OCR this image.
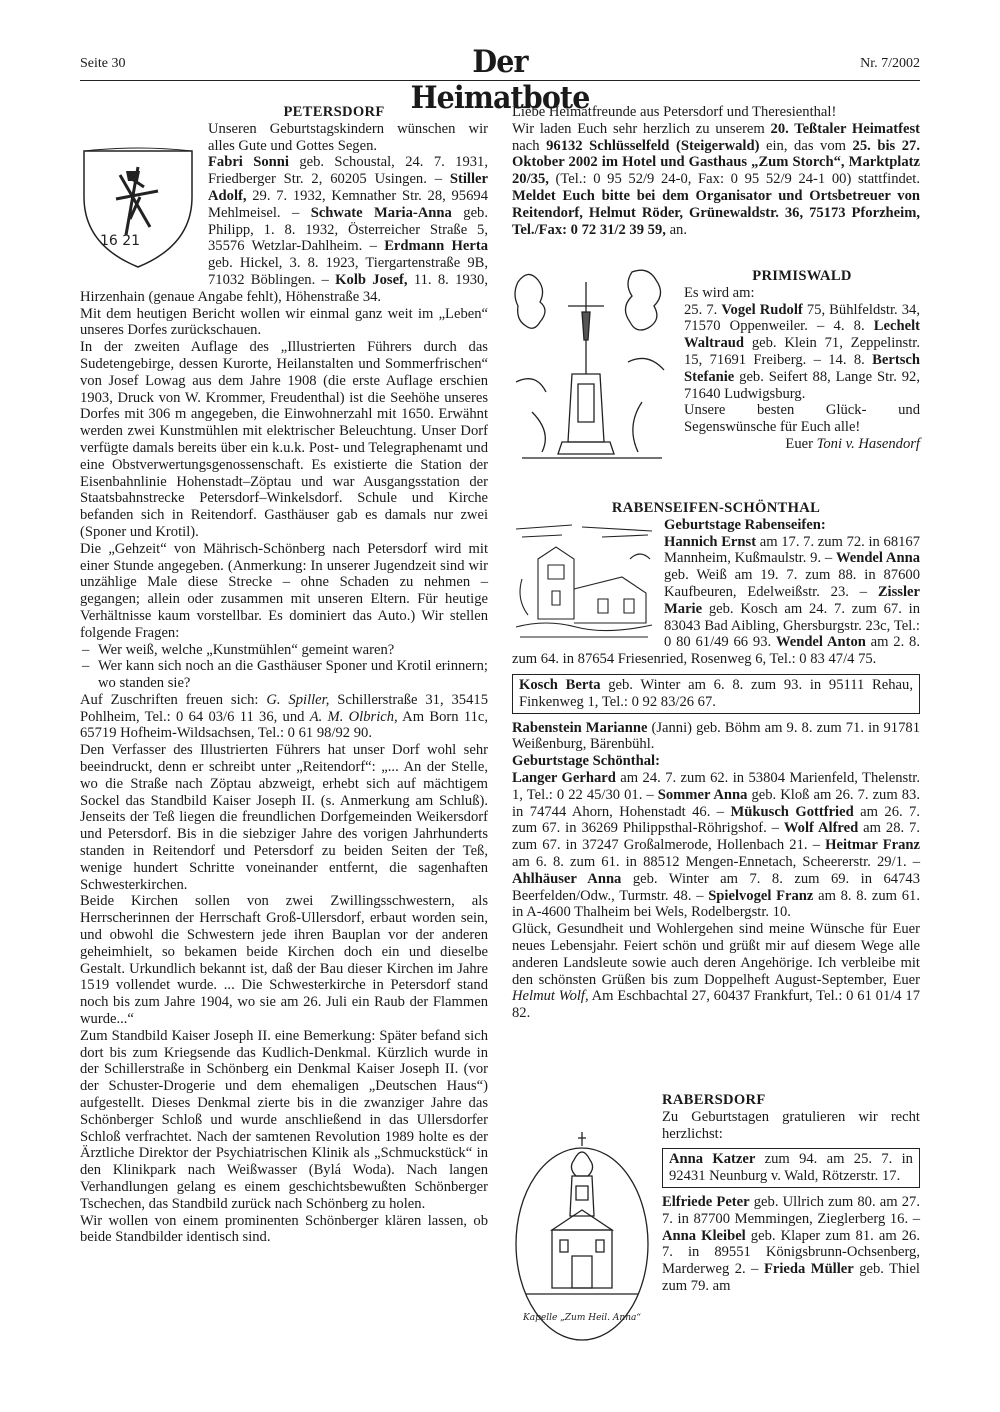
Seite 30	Der Heimatbote
Nr. 7/2002
PETERSDORF
16 21

Unseren Geburtstagskindern wünschen wir alles Gute und Gottes Segen.

Fabri Sonni geb. Schoustal, 24. 7. 1931, Friedberger Str. 2, 60205 Usingen. – Stiller Adolf, 29. 7. 1932, Kemnather Str. 28, 95694 Mehlmeisel. – Schwate Maria-Anna geb. Philipp, 1. 8. 1932, Österreicher Straße 5, 35576 Wetzlar-Dahlheim. – Erdmann Herta geb. Hickel, 3. 8. 1923, Tiergartenstraße 9B, 71032 Böblingen. – Kolb Josef, 11. 8. 1930, Hirzenhain (genaue Angabe fehlt), Höhenstraße 34.

Mit dem heutigen Bericht wollen wir einmal ganz weit im „Leben“ unseres Dorfes zurückschauen.

In der zweiten Auflage des „Illustrierten Führers durch das Sudetengebirge, dessen Kurorte, Heilanstalten und Sommerfrischen“ von Josef Lowag aus dem Jahre 1908 (die erste Auflage erschien 1903, Druck von W. Krommer, Freudenthal) ist die Seehöhe unseres Dorfes mit 306 m angegeben, die Einwohnerzahl mit 1650. Erwähnt werden zwei Kunstmühlen mit elektrischer Beleuchtung. Unser Dorf verfügte damals bereits über ein k.u.k. Post- und Telegraphenamt und eine Obstverwertungsgenossenschaft. Es existierte die Station der Eisenbahnlinie Hohenstadt–Zöptau und war Ausgangsstation der Staatsbahnstrecke Petersdorf–Winkelsdorf. Schule und Kirche befanden sich in Reitendorf. Gasthäuser gab es damals nur zwei (Sponer und Krotil).

Die „Gehzeit“ von Mährisch-Schönberg nach Petersdorf wird mit einer Stunde angegeben. (Anmerkung: In unserer Jugendzeit sind wir unzählige Male diese Strecke – ohne Schaden zu nehmen – gegangen; allein oder zusammen mit unseren Eltern. Für heutige Verhältnisse kaum vorstellbar. Es dominiert das Auto.) Wir stellen folgende Fragen:

– Wer weiß, welche „Kunstmühlen“ gemeint waren?
– Wer kann sich noch an die Gasthäuser Sponer und Krotil erinnern; wo standen sie?

Auf Zuschriften freuen sich: G. Spiller, Schillerstraße 31, 35415 Pohlheim, Tel.: 0 64 03/6 11 36, und A. M. Olbrich, Am Born 11c, 65719 Hofheim-Wildsachsen, Tel.: 0 61 98/92 90.

Den Verfasser des Illustrierten Führers hat unser Dorf wohl sehr beeindruckt, denn er schreibt unter „Reitendorf“: „... An der Stelle, wo die Straße nach Zöptau abzweigt, erhebt sich auf mächtigem Sockel das Standbild Kaiser Joseph II. (s. Anmerkung am Schluß). Jenseits der Teß liegen die freundlichen Dorfgemeinden Weikersdorf und Petersdorf. Bis in die siebziger Jahre des vorigen Jahrhunderts standen in Reitendorf und Petersdorf zu beiden Seiten der Teß, wenige hundert Schritte voneinander entfernt, die sagenhaften Schwesterkirchen.

Beide Kirchen sollen von zwei Zwillingsschwestern, als Herrscherinnen der Herrschaft Groß-Ullersdorf, erbaut worden sein, und obwohl die Schwestern jede ihren Bauplan vor der anderen geheimhielt, so bekamen beide Kirchen doch ein und dieselbe Gestalt. Urkundlich bekannt ist, daß der Bau dieser Kirchen im Jahre 1519 vollendet wurde. ... Die Schwesterkirche in Petersdorf stand noch bis zum Jahre 1904, wo sie am 26. Juli ein Raub der Flammen wurde...“

Zum Standbild Kaiser Joseph II. eine Bemerkung: Später befand sich dort bis zum Kriegsende das Kudlich-Denkmal. Kürzlich wurde in der Schillerstraße in Schönberg ein Denkmal Kaiser Joseph II. (vor der Schuster-Drogerie und dem ehemaligen „Deutschen Haus“) aufgestellt. Dieses Denkmal zierte bis in die zwanziger Jahre das Schönberger Schloß und wurde anschließend in das Ullersdorfer Schloß verfrachtet. Nach der samtenen Revolution 1989 holte es der Ärztliche Direktor der Psychiatrischen Klinik als „Schmuckstück“ in den Klinikpark nach Weißwasser (Bylá Woda). Nach langen Verhandlungen gelang es einem geschichtsbewußten Schönberger Tschechen, das Standbild zurück nach Schönberg zu holen.

Wir wollen von einem prominenten Schönberger klären lassen, ob beide Standbilder identisch sind.

Liebe Heimatfreunde aus Petersdorf und Theresienthal!

Wir laden Euch sehr herzlich zu unserem 20. Teßtaler Heimatfest nach 96132 Schlüsselfeld (Steigerwald) ein, das vom 25. bis 27. Oktober 2002 im Hotel und Gasthaus „Zum Storch“, Marktplatz 20/35, (Tel.: 0 95 52/9 24-0, Fax: 0 95 52/9 24-1 00) stattfindet. Meldet Euch bitte bei dem Organisator und Ortsbetreuer von Reitendorf, Helmut Röder, Grünewaldstr. 36, 75173 Pforzheim, Tel./Fax: 0 72 31/2 39 59, an.

PRIMISWALD

Es wird am:

25. 7. Vogel Rudolf 75, Bühlfeldstr. 34, 71570 Oppenweiler. – 4. 8. Lechelt Waltraud geb. Klein 71, Zeppelinstr. 15, 71691 Freiberg. – 14. 8. Bertsch Stefanie geb. Seifert 88, Lange Str. 92, 71640 Ludwigsburg.

Unsere besten Glück- und Segenswünsche für Euch alle!

Euer Toni v. Hasendorf

RABENSEIFEN-SCHÖNTHAL

Geburtstage Rabenseifen:
Hannich Ernst am 17. 7. zum 72. in 68167 Mannheim, Kußmaulstr. 9. – Wendel Anna geb. Weiß am 19. 7. zum 88. in 87600 Kaufbeuren, Edelweißstr. 23. – Zissler Marie geb. Kosch am 24. 7. zum 67. in 83043 Bad Aibling, Ghersburgstr. 23c, Tel.: 0 80 61/49 66 93. Wendel Anton am 2. 8. zum 64. in 87654 Friesenried, Rosenweg 6, Tel.: 0 83 47/4 75.

Kosch Berta geb. Winter am 6. 8. zum 93. in 95111 Rehau, Finkenweg 1, Tel.: 0 92 83/26 67.

Rabenstein Marianne (Janni) geb. Böhm am 9. 8. zum 71. in 91781 Weißenburg, Bärenbühl.

Geburtstage Schönthal:
Langer Gerhard am 24. 7. zum 62. in 53804 Marienfeld, Thelenstr. 1, Tel.: 0 22 45/30 01. – Sommer Anna geb. Kloß am 26. 7. zum 83. in 74744 Ahorn, Hohenstadt 46. – Mükusch Gottfried am 26. 7. zum 67. in 36269 Philippsthal-Röhrigshof. – Wolf Alfred am 28. 7. zum 67. in 37247 Großalmerode, Hollenbach 21. – Heitmar Franz am 6. 8. zum 61. in 88512 Mengen-Ennetach, Scheererstr. 29/1. – Ahlhäuser Anna geb. Winter am 7. 8. zum 69. in 64743 Beerfelden/Odw., Turmstr. 48. – Spielvogel Franz am 8. 8. zum 61. in A-4600 Thalheim bei Wels, Rodelbergstr. 10.

Glück, Gesundheit und Wohlergehen sind meine Wünsche für Euer neues Lebensjahr. Feiert schön und grüßt mir auf diesem Wege alle anderen Landsleute sowie auch deren Angehörige. Ich verbleibe mit den schönsten Grüßen bis zum Doppelheft August-September, Euer Helmut Wolf, Am Eschbachtal 27, 60437 Frankfurt, Tel.: 0 61 01/4 17 82.

Kapelle „Zum Heil. Anna“
RABERSDORF

Zu Geburtstagen gratulieren wir recht herzlichst:

Anna Katzer zum 94. am 25. 7. in 92431 Neunburg v. Wald, Rötzerstr. 17.

Elfriede Peter geb. Ullrich zum 80. am 27. 7. in 87700 Memmingen, Zieglerberg 16. – Anna Kleibel geb. Klaper zum 81. am 26. 7. in 89551 Königsbrunn-Ochsenberg, Marderweg 2. – Frieda Müller geb. Thiel zum 79. am
